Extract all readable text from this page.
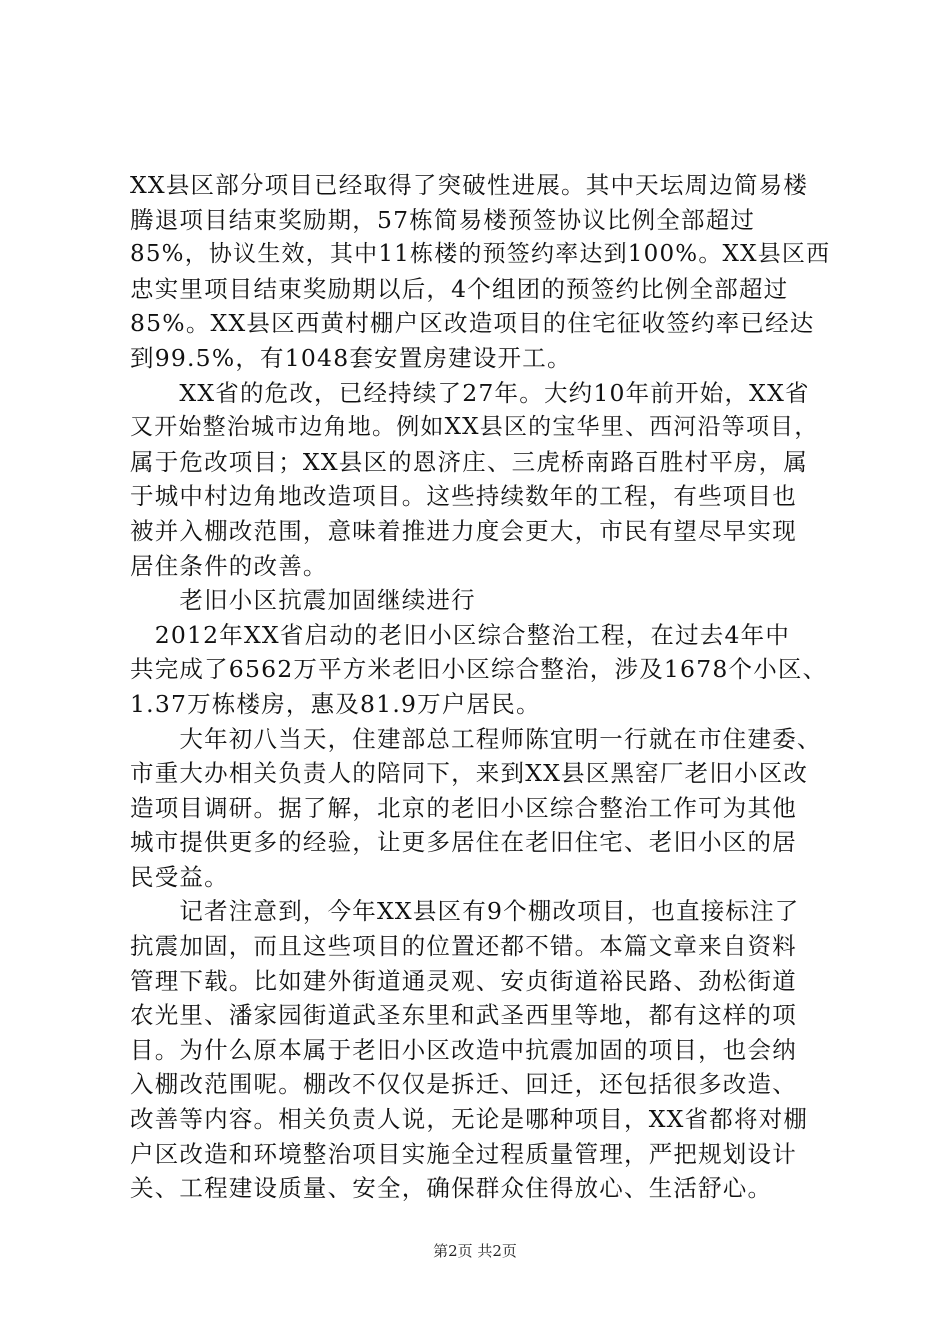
XX县区部分项目已经取得了突破性进展。其中天坛周边简易楼
腾退项目结束奖励期，57栋简易楼预签协议比例全部超过
85%，协议生效，其中11栋楼的预签约率达到100%。XX县区西
忠实里项目结束奖励期以后，4个组团的预签约比例全部超过
85%。XX县区西黄村棚户区改造项目的住宅征收签约率已经达
到99.5%，有1048套安置房建设开工。
　　XX省的危改，已经持续了27年。大约10年前开始，XX省
又开始整治城市边角地。例如XX县区的宝华里、西河沿等项目，
属于危改项目；XX县区的恩济庄、三虎桥南路百胜村平房，属
于城中村边角地改造项目。这些持续数年的工程，有些项目也
被并入棚改范围，意味着推进力度会更大，市民有望尽早实现
居住条件的改善。
　　老旧小区抗震加固继续进行
　2012年XX省启动的老旧小区综合整治工程，在过去4年中
共完成了6562万平方米老旧小区综合整治，涉及1678个小区、
1.37万栋楼房，惠及81.9万户居民。
　　大年初八当天，住建部总工程师陈宜明一行就在市住建委、
市重大办相关负责人的陪同下，来到XX县区黑窑厂老旧小区改
造项目调研。据了解，北京的老旧小区综合整治工作可为其他
城市提供更多的经验，让更多居住在老旧住宅、老旧小区的居
民受益。
　　记者注意到，今年XX县区有9个棚改项目，也直接标注了
抗震加固，而且这些项目的位置还都不错。本篇文章来自资料
管理下载。比如建外街道通灵观、安贞街道裕民路、劲松街道
农光里、潘家园街道武圣东里和武圣西里等地，都有这样的项
目。为什么原本属于老旧小区改造中抗震加固的项目，也会纳
入棚改范围呢。棚改不仅仅是拆迁、回迁，还包括很多改造、
改善等内容。相关负责人说，无论是哪种项目，XX省都将对棚
户区改造和环境整治项目实施全过程质量管理，严把规划设计
关、工程建设质量、安全，确保群众住得放心、生活舒心。
第2页 共2页
